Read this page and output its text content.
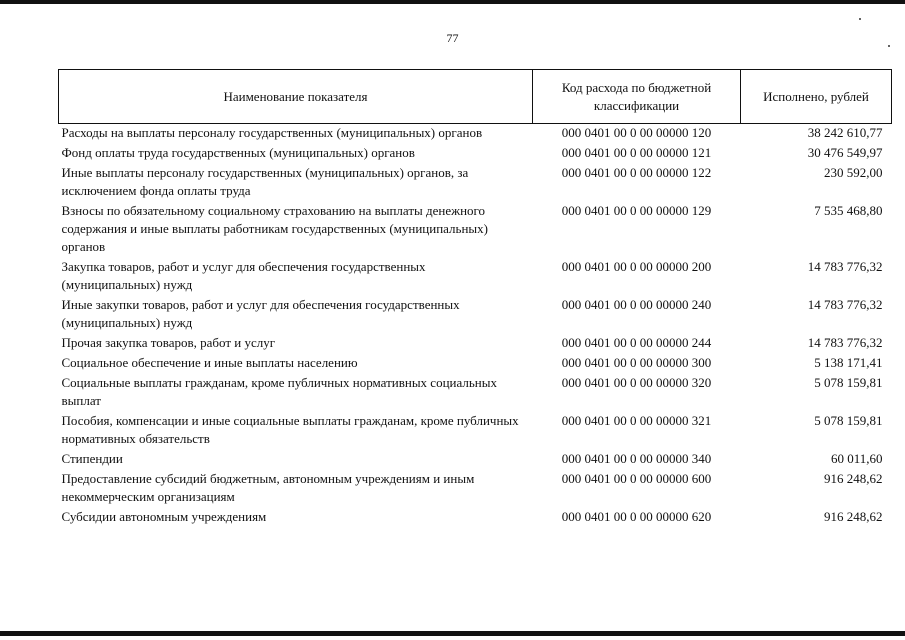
77
Наименование показателя	Код расхода по бюджетной классификации	Исполнено, рублей
Расходы на выплаты персоналу государственных (муниципальных) органов	000 0401 00 0 00 00000 120	38 242 610,77
Фонд оплаты труда государственных (муниципальных) органов	000 0401 00 0 00 00000 121	30 476 549,97
Иные выплаты персоналу государственных (муниципальных) органов, за исключением фонда оплаты труда	000 0401 00 0 00 00000 122	230 592,00
Взносы по обязательному социальному страхованию на выплаты денежного содержания и иные выплаты работникам государственных (муниципальных) органов	000 0401 00 0 00 00000 129	7 535 468,80
Закупка товаров, работ и услуг для обеспечения государственных (муниципальных) нужд	000 0401 00 0 00 00000 200	14 783 776,32
Иные закупки товаров, работ и услуг для обеспечения государственных (муниципальных) нужд	000 0401 00 0 00 00000 240	14 783 776,32
Прочая закупка товаров, работ и услуг	000 0401 00 0 00 00000 244	14 783 776,32
Социальное обеспечение и иные выплаты населению	000 0401 00 0 00 00000 300	5 138 171,41
Социальные выплаты гражданам, кроме публичных нормативных социальных выплат	000 0401 00 0 00 00000 320	5 078 159,81
Пособия, компенсации и иные социальные выплаты гражданам, кроме публичных нормативных обязательств	000 0401 00 0 00 00000 321	5 078 159,81
Стипендии	000 0401 00 0 00 00000 340	60 011,60
Предоставление субсидий бюджетным, автономным учреждениям и иным некоммерческим организациям	000 0401 00 0 00 00000 600	916 248,62
Субсидии автономным учреждениям	000 0401 00 0 00 00000 620	916 248,62
